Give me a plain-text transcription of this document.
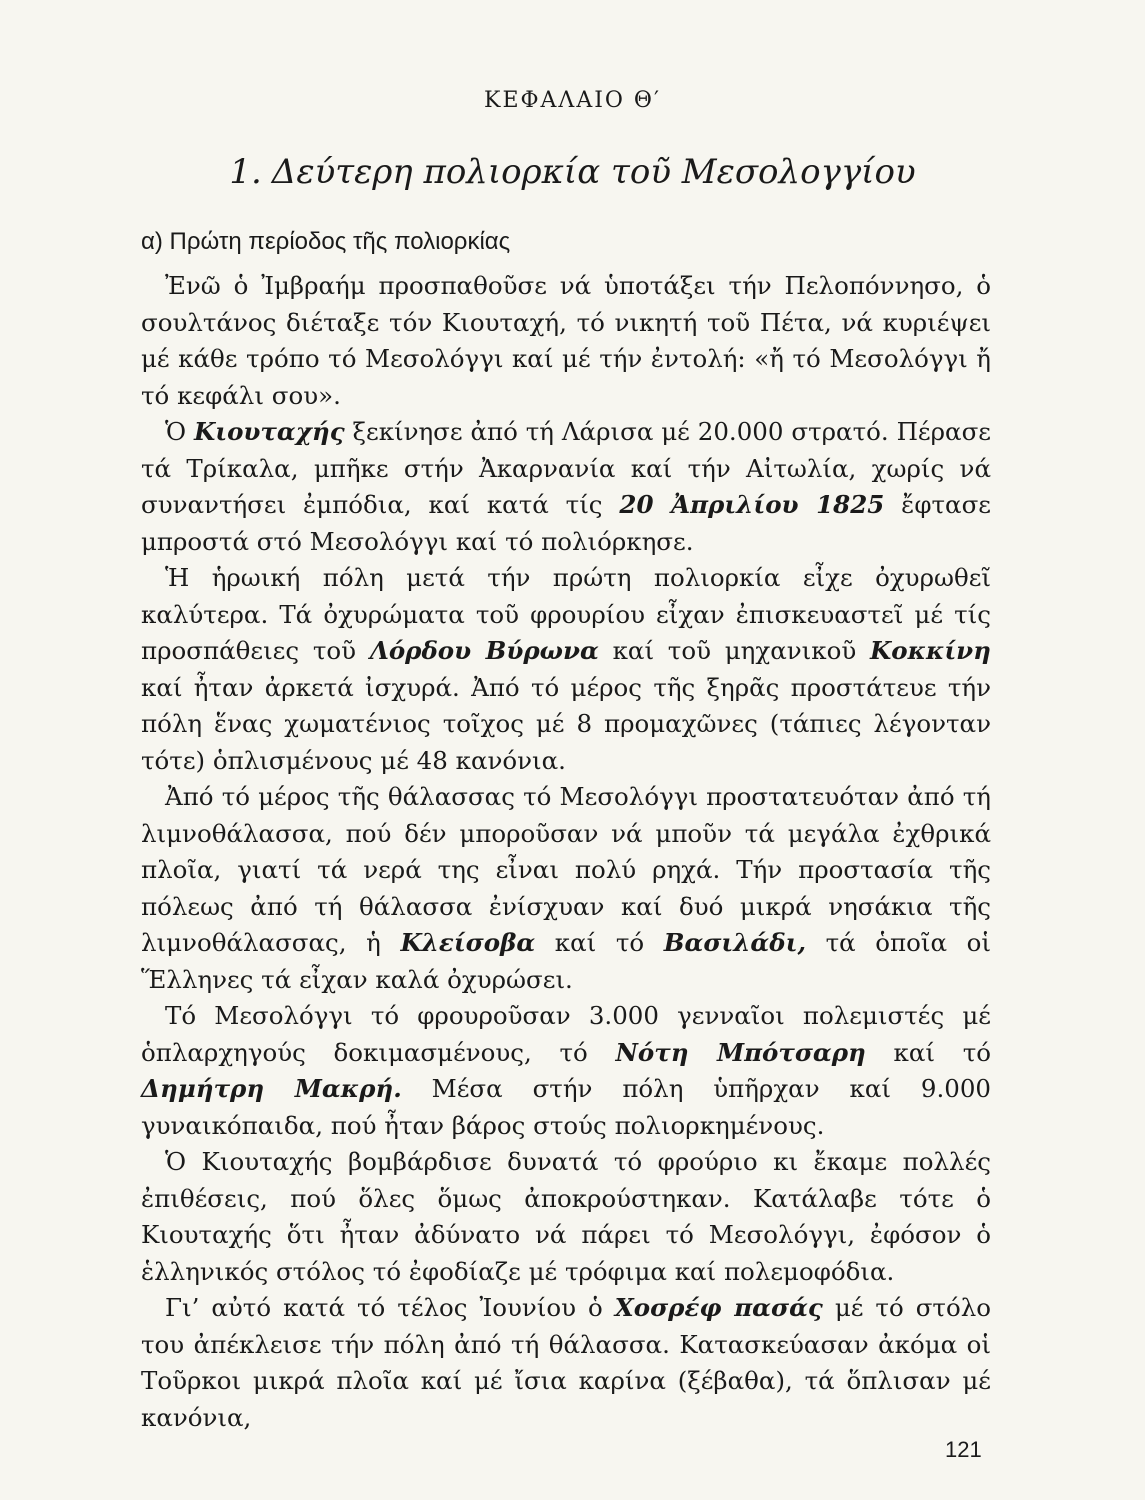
ΚΕΦΑΛΑΙΟ Θ′
1. Δεύτερη πολιορκία τοῦ Μεσολογγίου
α) Πρώτη περίοδος τῆς πολιορκίας

Ἐνῶ ὁ Ἰμβραήμ προσπαθοῦσε νά ὑποτάξει τήν Πελοπόννησο, ὁ σουλτάνος διέταξε τόν Κιουταχή, τό νικητή τοῦ Πέτα, νά κυριέψει μέ κάθε τρόπο τό Μεσολόγγι καί μέ τήν ἐντολή: «ἤ τό Μεσολόγγι ἤ τό κεφάλι σου».

Ὁ Κιουταχής ξεκίνησε ἀπό τή Λάρισα μέ 20.000 στρατό. Πέρασε τά Τρίκαλα, μπῆκε στήν Ἀκαρνανία καί τήν Αἰτωλία, χωρίς νά συναντήσει ἐμπόδια, καί κατά τίς 20 Ἀπριλίου 1825 ἔφτασε μπροστά στό Μεσολόγγι καί τό πολιόρκησε.

Ἡ ἡρωική πόλη μετά τήν πρώτη πολιορκία εἶχε ὀχυρωθεῖ καλύτερα. Τά ὀχυρώματα τοῦ φρουρίου εἶχαν ἐπισκευαστεῖ μέ τίς προσπάθειες τοῦ Λόρδου Βύρωνα καί τοῦ μηχανικοῦ Κοκκίνη καί ἦταν ἀρκετά ἰσχυρά. Ἀπό τό μέρος τῆς ξηρᾶς προστάτευε τήν πόλη ἕνας χωματένιος τοῖχος μέ 8 προμαχῶνες (τάπιες λέγονταν τότε) ὁπλισμένους μέ 48 κανόνια.

Ἀπό τό μέρος τῆς θάλασσας τό Μεσολόγγι προστατευόταν ἀπό τή λιμνοθάλασσα, πού δέν μποροῦσαν νά μποῦν τά μεγάλα ἐχθρικά πλοῖα, γιατί τά νερά της εἶναι πολύ ρηχά. Τήν προστασία τῆς πόλεως ἀπό τή θάλασσα ἐνίσχυαν καί δυό μικρά νησάκια τῆς λιμνοθάλασσας, ἡ Κλείσοβα καί τό Βασιλάδι, τά ὁποῖα οἱ Ἕλληνες τά εἶχαν καλά ὀχυρώσει.

Τό Μεσολόγγι τό φρουροῦσαν 3.000 γενναῖοι πολεμιστές μέ ὁπλαρχηγούς δοκιμασμένους, τό Νότη Μπότσαρη καί τό Δημήτρη Μακρή. Μέσα στήν πόλη ὑπῆρχαν καί 9.000 γυναικόπαιδα, πού ἦταν βάρος στούς πολιορκημένους.

Ὁ Κιουταχής βομβάρδισε δυνατά τό φρούριο κι ἔκαμε πολλές ἐπιθέσεις, πού ὅλες ὅμως ἀποκρούστηκαν. Κατάλαβε τότε ὁ Κιουταχής ὅτι ἦταν ἀδύνατο νά πάρει τό Μεσολόγγι, ἐφόσον ὁ ἑλληνικός στόλος τό ἐφοδίαζε μέ τρόφιμα καί πολεμοφόδια.

Γι’ αὐτό κατά τό τέλος Ἰουνίου ὁ Χοσρέφ πασάς μέ τό στόλο του ἀπέκλεισε τήν πόλη ἀπό τή θάλασσα. Κατασκεύασαν ἀκόμα οἱ Τοῦρκοι μικρά πλοῖα καί μέ ἴσια καρίνα (ξέβαθα), τά ὅπλισαν μέ κανόνια,

121
